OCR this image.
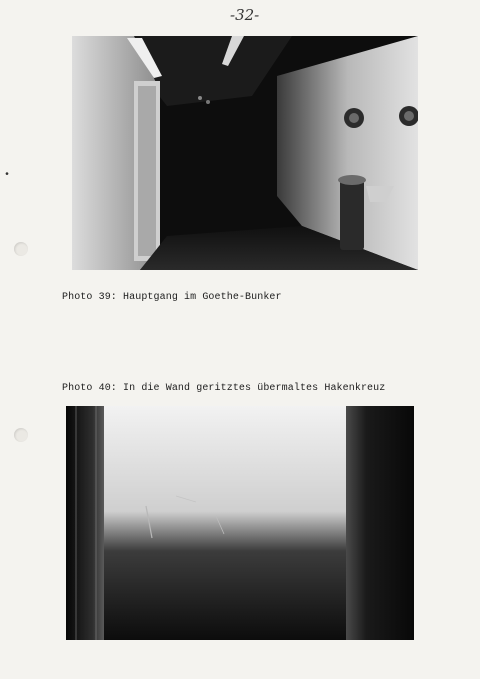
-32-
•
Photo 39: Hauptgang im Goethe-Bunker
Photo 40: In die Wand geritztes übermaltes Hakenkreuz
